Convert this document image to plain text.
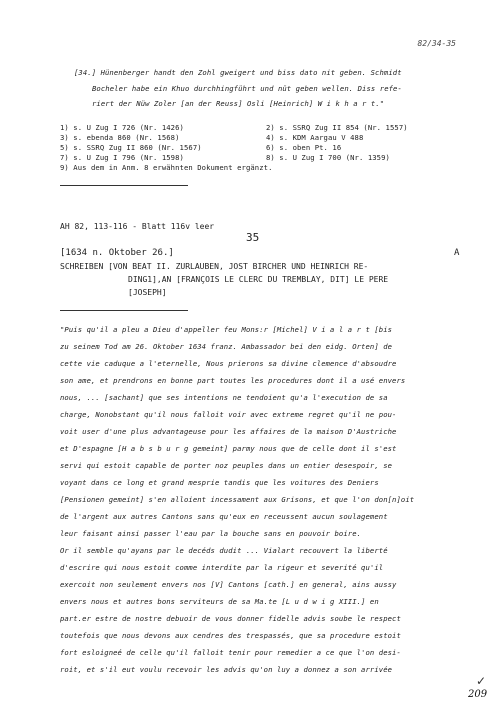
82/34-35
[34.] Hünenberger handt den Zohl gweigert und biss dato nit geben. Schmidt
Bocheler habe ein Khuo durchhingführt und nüt geben wellen. Diss refe-
riert der Nüw Zoler [an der Reuss] Osli [Heinrich] W i k h a r t."
1) s. U Zug I 726 (Nr. 1426)	2) s. SSRQ Zug II 854 (Nr. 1557)
3) s. ebenda 860 (Nr. 1568)	4) s. KDM Aargau V 488
5) s. SSRQ Zug II 860 (Nr. 1567)	6) s. oben Pt. 16
7) s. U Zug I 796 (Nr. 1598)	8) s. U Zug I 700 (Nr. 1359)
9) Aus dem in Anm. 8 erwähnten Dokument ergänzt.
AH 82, 113-116 - Blatt 116v leer
35
[1634 n. Oktober 26.]	A
SCHREIBEN [VON BEAT II. ZURLAUBEN, JOST BIRCHER UND HEINRICH RE-
DING1],AN [FRANÇOIS LE CLERC DU TREMBLAY, DIT] LE PERE
[JOSEPH]
"Puis qu'il a pleu a Dieu d'appeller feu Mons:r [Michel] V i a l a r t [bis
zu seinem Tod am 26. Oktober 1634 franz. Ambassador bei den eidg. Orten] de
cette vie caduque a l'eternelle, Nous prierons sa divine clemence d'absoudre
son ame, et prendrons en bonne part toutes les procedures dont il a usé envers
nous, ... [sachant] que ses intentions ne tendoient qu'a l'execution de sa
charge, Nonobstant qu'il nous falloit voir avec extreme regret qu'il ne pou-
voit user d'une plus advantageuse pour les affaires de la maison D'Austriche
et D'espagne [H a b s b u r g gemeint] parmy nous que de celle dont il s'est
servi qui estoit capable de porter noz peuples dans un entier desespoir, se
voyant dans ce long et grand mesprie tandis que les voitures des Deniers
[Pensionen gemeint] s'en alloient incessament aux Grisons, et que l'on don[n]oit
de l'argent aux autres Cantons sans qu'eux en receussent aucun soulagement
leur faisant ainsi passer l'eau par la bouche sans en pouvoir boire.
Or il semble qu'ayans par le decéds dudit ... Vialart recouvert la liberté
d'escrire qui nous estoit comme interdite par la rigeur et severité qu'il
exercoit non seulement envers nos [V] Cantons [cath.] en general, ains aussy
envers nous et autres bons serviteurs de sa Ma.te [L u d w i g XIII.] en
part.er estre de nostre debuoir de vous donner fidelle advis soube le respect
toutefois que nous devons aux cendres des trespassés, que sa procedure estoit
fort esloigneé de celle qu'il falloit tenir pour remedier a ce que l'on desi-
roit, et s'il eut voulu recevoir les advis qu'on luy a donnez a son arrivée
✓
209
